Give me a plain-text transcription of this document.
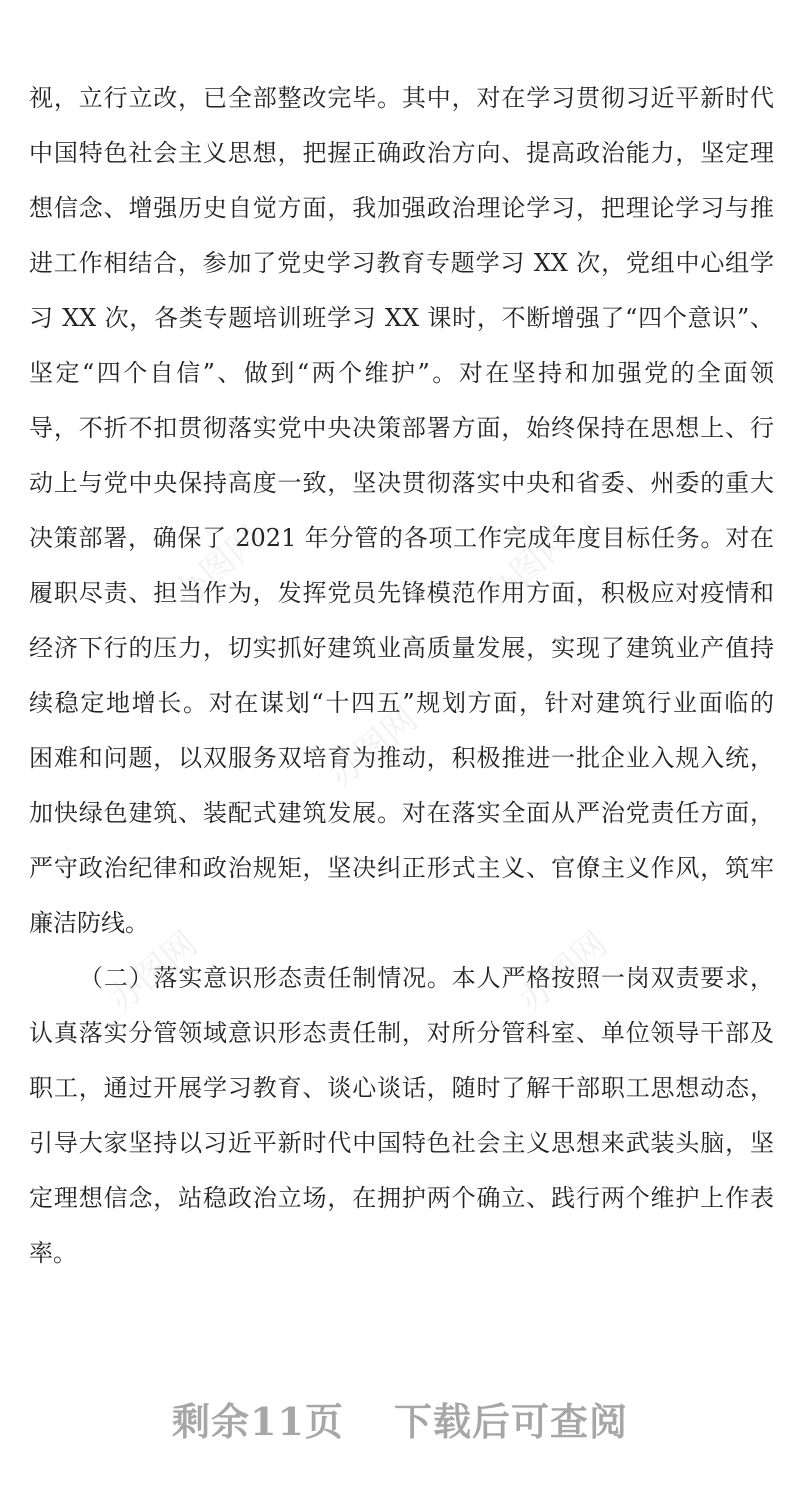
视，立行立改，已全部整改完毕。其中，对在学习贯彻习近平新时代
中国特色社会主义思想，把握正确政治方向、提高政治能力，坚定理
想信念、增强历史自觉方面，我加强政治理论学习，把理论学习与推
进工作相结合，参加了党史学习教育专题学习 XX 次，党组中心组学
习 XX 次，各类专题培训班学习 XX 课时，不断增强了“四个意识”、
坚定“四个自信”、做到“两个维护”。对在坚持和加强党的全面领
导，不折不扣贯彻落实党中央决策部署方面，始终保持在思想上、行
动上与党中央保持高度一致，坚决贯彻落实中央和省委、州委的重大
决策部署，确保了 2021 年分管的各项工作完成年度目标任务。对在
履职尽责、担当作为，发挥党员先锋模范作用方面，积极应对疫情和
经济下行的压力，切实抓好建筑业高质量发展，实现了建筑业产值持
续稳定地增长。对在谋划“十四五”规划方面，针对建筑行业面临的
困难和问题，以双服务双培育为推动，积极推进一批企业入规入统，
加快绿色建筑、装配式建筑发展。对在落实全面从严治党责任方面，
严守政治纪律和政治规矩，坚决纠正形式主义、官僚主义作风，筑牢
廉洁防线。
（二）落实意识形态责任制情况。本人严格按照一岗双责要求，
认真落实分管领域意识形态责任制，对所分管科室、单位领导干部及
职工，通过开展学习教育、谈心谈话，随时了解干部职工思想动态，
引导大家坚持以习近平新时代中国特色社会主义思想来武装头脑，坚
定理想信念，站稳政治立场，在拥护两个确立、践行两个维护上作表
率。
办图网	办图网
办图网
办图网	办图网
剩余11页 下载后可查阅
